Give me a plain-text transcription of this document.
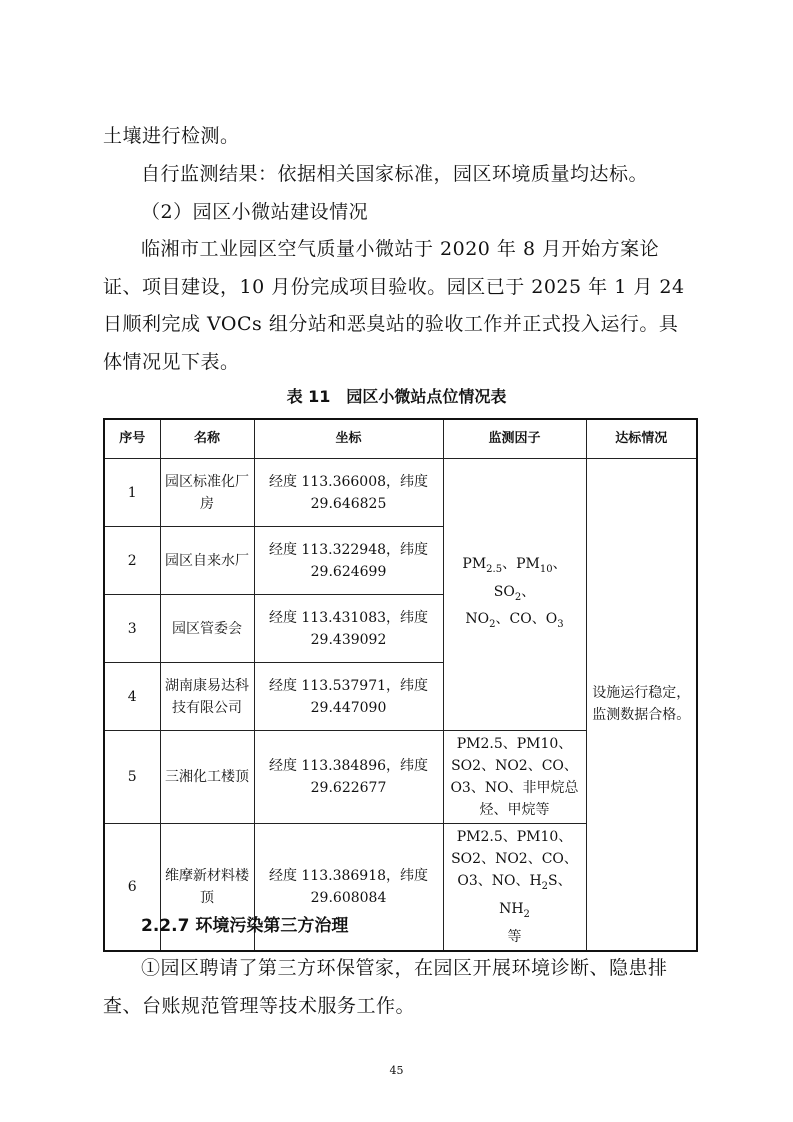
土壤进行检测。

自行监测结果：依据相关国家标准，园区环境质量均达标。

（2）园区小微站建设情况

临湘市工业园区空气质量小微站于 2020 年 8 月开始方案论证、项目建设，10 月份完成项目验收。园区已于 2025 年 1 月 24 日顺利完成 VOCs 组分站和恶臭站的验收工作并正式投入运行。具体情况见下表。

表 11　园区小微站点位情况表
序号	名称	坐标	监测因子	达标情况
1	园区标准化厂房	经度 113.366008，纬度 29.646825	$PM_{2.5}$、$PM_{10}$、$SO_2$、
$NO_2$、CO、$O_3$	设施运行稳定，监测数据合格。
2	园区自来水厂	经度 113.322948，纬度 29.624699		
3	园区管委会	经度 113.431083，纬度 29.439092		
4	湖南康易达科技有限公司	经度 113.537971，纬度 29.447090		
5	三湘化工楼顶	经度 113.384896，纬度 29.622677	PM2.5、PM10、SO2、NO2、CO、O3、NO、非甲烷总烃、甲烷等	
6	维摩新材料楼顶	经度 113.386918，纬度 29.608084	PM2.5、PM10、SO2、NO2、CO、O3、NO、$H_2S$、$NH_2$
等	
2.2.7 环境污染第三方治理

①园区聘请了第三方环保管家，在园区开展环境诊断、隐患排查、台账规范管理等技术服务工作。

45
